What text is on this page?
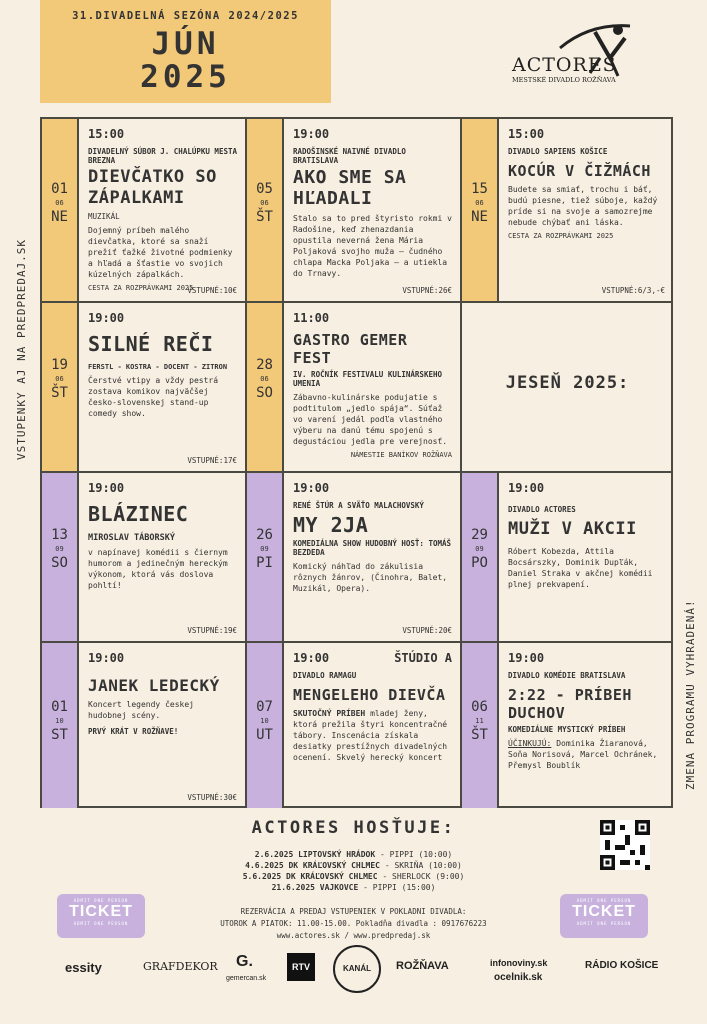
31.DIVADELNÁ SEZÓNA 2024/2025
JÚN
2025	ACTORES
MESTSKÉ DIVADLO ROŽŇAVA
VSTUPENKY AJ NA PREDPREDAJ.SK
ZMENA PROGRAMU VYHRADENÁ!
01
06
NE
15:00
DIVADELNÝ SÚBOR J. CHALÚPKU MESTA BREZNA
DIEVČATKO SO ZÁPALKAMI
MUZIKÁL
Dojemný príbeh malého dievčatka, ktoré sa snaží prežiť ťažké životné podmienky a hľadá a šťastie vo svojich kúzelných zápalkách.
CESTA ZA ROZPRÁVKAMI 2025
VSTUPNÉ:10€
05
06
ŠT
19:00
RADOŠINSKÉ NAIVNÉ DIVADLO BRATISLAVA
AKO SME SA HĽADALI
Stalo sa to pred štyristo rokmi v Radošine, keď zhenazdania opustila neverná žena Mária Poljaková svojho muža – čudného chlapa Macka Poljaka – a utiekla do Trnavy.
VSTUPNÉ:26€
15
06
NE
15:00
DIVADLO SAPIENS KOŠICE
KOCÚR V ČIŽMÁCH
Budete sa smiať, trochu i báť, budú piesne, tiež súboje, každý príde si na svoje a samozrejme nebude chýbať ani láska.
CESTA ZA ROZPRÁVKAMI 2025
VSTUPNÉ:6/3,-€
19
06
ŠT
19:00
SILNÉ REČI
FERSTL - KOSTRA - DOCENT - ZITRON
Čerstvé vtipy a vždy pestrá zostava komikov najväčšej česko-slovenskej stand-up comedy show.
VSTUPNÉ:17€
28
06
SO
11:00
GASTRO GEMER FEST
IV. ROČNÍK FESTIVALU KULINÁRSKEHO UMENIA
Zábavno-kulinárske podujatie s podtitulom „jedlo spája“. Súťaž vo varení jedál podľa vlastného výberu na danú tému spojenú s degustáciou jedla pre verejnosť.
NÁMESTIE BANÍKOV ROŽŇAVA
JESEŇ 2025:
13
09
SO
19:00
BLÁZINEC
MIROSLAV TÁBORSKÝ
v napínavej komédii s čiernym humorom a jedinečným hereckým výkonom, ktorá vás doslova pohltí!
VSTUPNÉ:19€
26
09
PI
19:00
RENÉ ŠTÚR A SVÄŤO MALACHOVSKÝ
MY 2JA
KOMEDIÁLNA SHOW HUDOBNÝ HOSŤ: TOMÁŠ BEZDEDA
Komický náhľad do zákulisia rôznych žánrov, (Činohra, Balet, Muzikál, Opera).
VSTUPNÉ:20€
29
09
PO
19:00
DIVADLO ACTORES
MUŽI V AKCII
Róbert Kobezda, Attila Bocsárszky, Dominik Dupľák, Daniel Straka v akčnej komédii plnej prekvapení.
01
10
ST
19:00
JANEK LEDECKÝ
Koncert legendy českej hudobnej scény.
PRVÝ KRÁT V ROŽŇAVE!
VSTUPNÉ:30€
07
10
UT
19:00	ŠTÚDIO A
DIVADLO RAMAGU
MENGELEHO DIEVČA
SKUTOČNÝ PRÍBEH mladej ženy, ktorá prežila štyri koncentračné tábory. Inscenácia získala desiatky prestížnych divadelných ocenení. Skvelý herecký koncert
06
11
ŠT
19:00
DIVADLO KOMÉDIE BRATISLAVA
2:22 - PRÍBEH DUCHOV
KOMEDIÁLNE MYSTICKÝ PRÍBEH
ÚČINKUJÚ: Dominika Žiaranová, Soňa Norisová, Marcel Ochránek, Přemysl Boublík
ACTORES HOSŤUJE:
2.6.2025 LIPTOVSKÝ HRÁDOK - PIPPI (10:00)
4.6.2025 DK KRÁĽOVSKÝ CHLMEC - SKRIŇA (10:00)
5.6.2025 DK KRÁĽOVSKÝ CHLMEC - SHERLOCK (9:00)
21.6.2025 VAJKOVCE - PIPPI (15:00)
ADMIT ONE PERSON
TICKET
ADMIT ONE PERSON
ADMIT ONE PERSON
TICKET
ADMIT ONE PERSON
REZERVÁCIA A PREDAJ VSTUPENIEK V POKLADNI DIVADLA:
UTOROK A PIATOK: 11.00-15.00. Pokladňa divadla : 0917676223
www.actores.sk / www.predpredaj.sk
essity	GRAFDEKOR G.
gemercan.sk
RTV	KANÁL	ROŽŇAVA	infonoviny.sk
ocelnik.sk
RÁDIO KOŠICE
